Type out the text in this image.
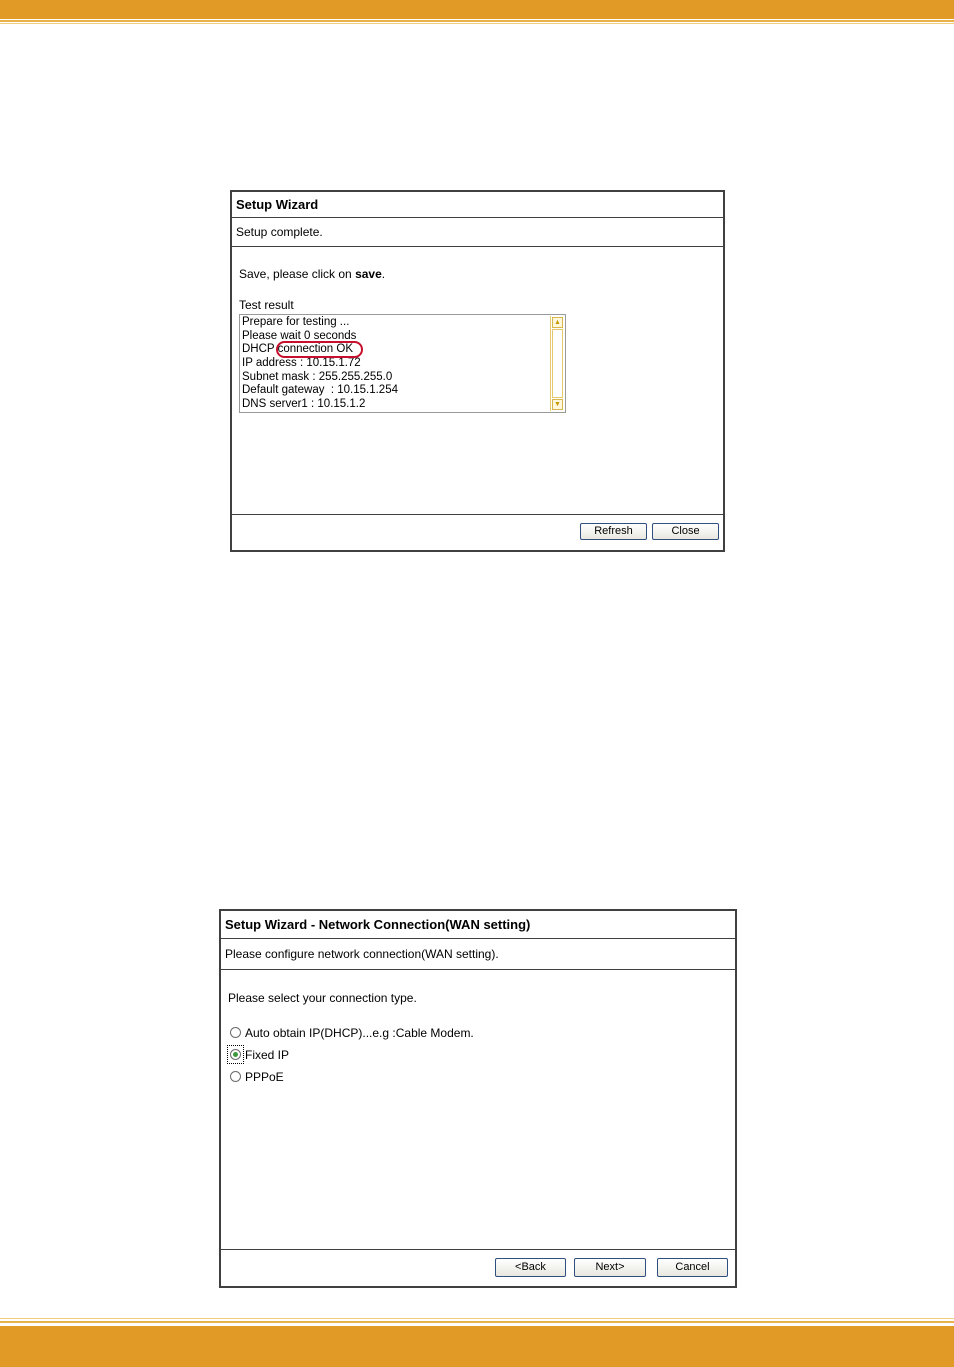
Setup Wizard
Setup complete.
Save, please click on save.
Test result
Prepare for testing ...
Please wait 0 seconds
DHCP connection OK
IP address : 10.15.1.72
Subnet mask : 255.255.255.0
Default gateway  : 10.15.1.254
DNS server1 : 10.15.1.2
▲
▼
Refresh	Close
Setup Wizard - Network Connection(WAN setting)
Please configure network connection(WAN setting).
Please select your connection type.
Auto obtain IP(DHCP)...e.g :Cable Modem.
Fixed IP
PPPoE
<Back	Next>	Cancel
